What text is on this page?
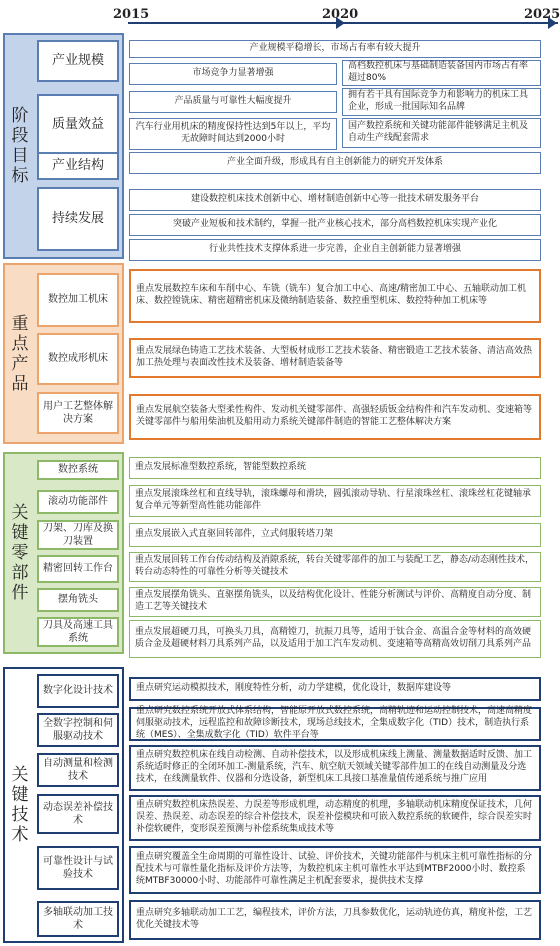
2015	2020	2025
阶段目标
产业规模
质量效益
产业结构
持续发展
产业规模平稳增长，市场占有率有较大提升
市场竞争力显著增强
高档数控机床与基础制造装备国内市场占有率超过80%
产品质量与可靠性大幅度提升
拥有若干具有国际竞争力和影响力的机床工具企业，形成一批国际知名品牌
汽车行业用机床的精度保持性达到5年以上，平均无故障时间达到2000小时
国产数控系统和关键功能部件能够满足主机及自动生产线配套需求
产业全面升级，形成具有自主创新能力的研究开发体系
建设数控机床技术创新中心、增材制造创新中心等一批技术研发服务平台
突破产业短板和技术制约，掌握一批产业核心技术，部分高档数控机床实现产业化
行业共性技术支撑体系进一步完善，企业自主创新能力显著增强
重点产品
数控加工机床
数控成形机床
用户工艺整体解决方案
重点发展数控车床和车削中心、车铣（铣车）复合加工中心、高速/精密加工中心、五轴联动加工机床、数控镗铣床、精密超精密机床及微纳制造装备、数控重型机床、数控特种加工机床等
重点发展绿色铸造工艺技术装备、大型板材成形工艺技术装备、精密锻造工艺技术装备、清洁高效热加工热处理与表面改性技术及装备、增材制造装备等
重点发展航空装备大型柔性构件、发动机关键零部件、高强轻质钣金结构件和汽车发动机、变速箱等关键零部件与船用柴油机及船用动力系统关键部件制造的智能工艺整体解决方案
关键零部件
数控系统
滚动功能部件
刀架、刀库及换刀装置
精密回转工作台
摆角铣头
刀具及高速工具系统
重点发展标准型数控系统，智能型数控系统
重点发展滚珠丝杠和直线导轨，滚珠螺母和滑块，圆弧滚动导轨、行星滚珠丝杠、滚珠丝杠花键轴承复合单元等新型高性能功能部件
重点发展嵌入式直驱回转部件，立式伺服转塔刀架
重点发展回转工作台传动结构及消隙系统，转台关键零部件的加工与装配工艺，静态/动态刚性技术，转台动态特性的可靠性分析等关键技术
重点发展摆角铣头、直驱摆角铣头，以及结构优化设计、性能分析测试与评价、高精度自动分度、制造工艺等关键技术
重点发展超硬刀具，可换头刀具，高精镗刀，抗振刀具等，适用于钛合金、高温合金等材料的高效硬质合金及超硬材料刀具系列产品，以及适用于加工汽车发动机、变速箱等高精高效切削刀具系列产品
关键技术
数字化设计技术
全数字控制和伺服驱动技术
自动测量和检测技术
动态误差补偿技术
可靠性设计与试验技术
多轴联动加工技术
重点研究运动模拟技术，刚度特性分析，动力学建模，优化设计，数据库建设等
重点研究数控系统开放式体系结构，智能原开放式数控系统，高精轨迹和运动控制技术，高速高精度伺服驱动技术，远程监控和故障诊断技术，现场总线技术，全集成数字化（TID）技术，制造执行系统（MES）、全集成数字化（TID）软件平台等
重点研究数控机床在线自动检测、自动补偿技术，以及形成机床线上测量、测量数据适时反馈、加工系统适时修正的全闭环加工-测量系统，汽车、航空航天领域关键零部件加工的在线自动测量及分选技术，在线测量软件、仪器和分选设备，新型机床工具接口基准量值传递系统与推广应用
重点研究数控机床热误差、力误差等形成机理，动态精度的机理，多轴联动机床精度保证技术，几何误差、热误差、动态误差的综合补偿技术，误差补偿模块和可嵌入数控系统的软硬件，综合误差实时补偿软硬件，变形误差预测与补偿系统集成技术等
重点研究覆盖全生命周期的可靠性设计、试验、评价技术，关键功能部件与机床主机可靠性指标的分配技术与可靠性量化指标及评价方法等，为数控机床主机可靠性水平达到MTBF2000小时、数控系统MTBF30000小时、功能部件可靠性满足主机配套要求，提供技术支撑
重点研究多轴联动加工工艺，编程技术，评价方法，刀具参数优化，运动轨迹仿真，精度补偿，工艺优化关键技术等
